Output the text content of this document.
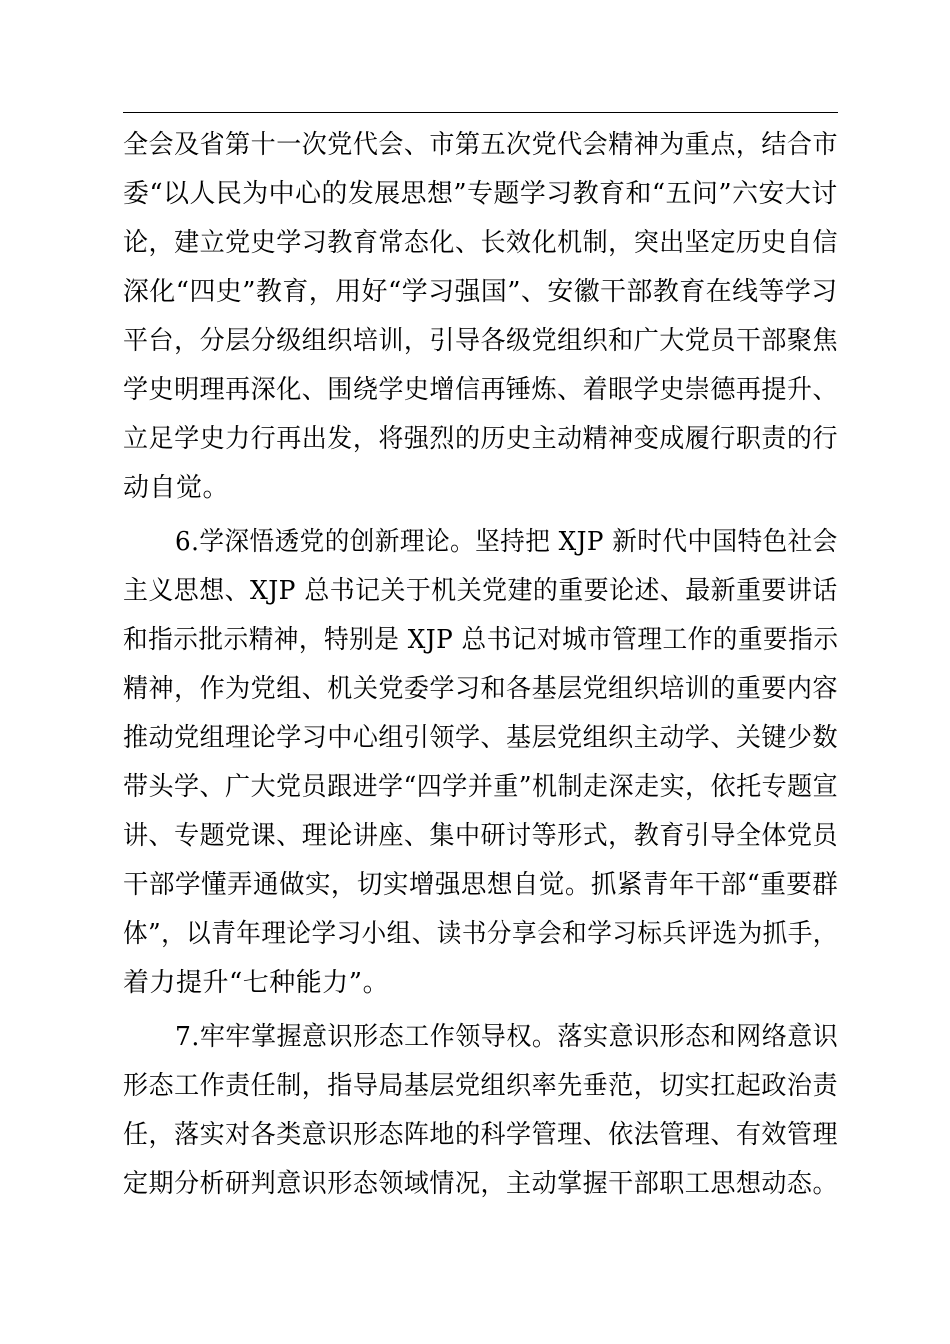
全会及省第十一次党代会、市第五次党代会精神为重点，结合市
委“以人民为中心的发展思想”专题学习教育和“五问”六安大讨
论，建立党史学习教育常态化、长效化机制，突出坚定历史自信
深化“四史”教育，用好“学习强国”、安徽干部教育在线等学习
平台，分层分级组织培训，引导各级党组织和广大党员干部聚焦
学史明理再深化、围绕学史增信再锤炼、着眼学史崇德再提升、
立足学史力行再出发，将强烈的历史主动精神变成履行职责的行
动自觉。
6.学深悟透党的创新理论。坚持把 XJP 新时代中国特色社会
主义思想、XJP 总书记关于机关党建的重要论述、最新重要讲话
和指示批示精神，特别是 XJP 总书记对城市管理工作的重要指示
精神，作为党组、机关党委学习和各基层党组织培训的重要内容
推动党组理论学习中心组引领学、基层党组织主动学、关键少数
带头学、广大党员跟进学“四学并重”机制走深走实，依托专题宣
讲、专题党课、理论讲座、集中研讨等形式，教育引导全体党员
干部学懂弄通做实，切实增强思想自觉。抓紧青年干部“重要群
体”，以青年理论学习小组、读书分享会和学习标兵评选为抓手，
着力提升“七种能力”。
7.牢牢掌握意识形态工作领导权。落实意识形态和网络意识
形态工作责任制，指导局基层党组织率先垂范，切实扛起政治责
任，落实对各类意识形态阵地的科学管理、依法管理、有效管理
定期分析研判意识形态领域情况，主动掌握干部职工思想动态。
